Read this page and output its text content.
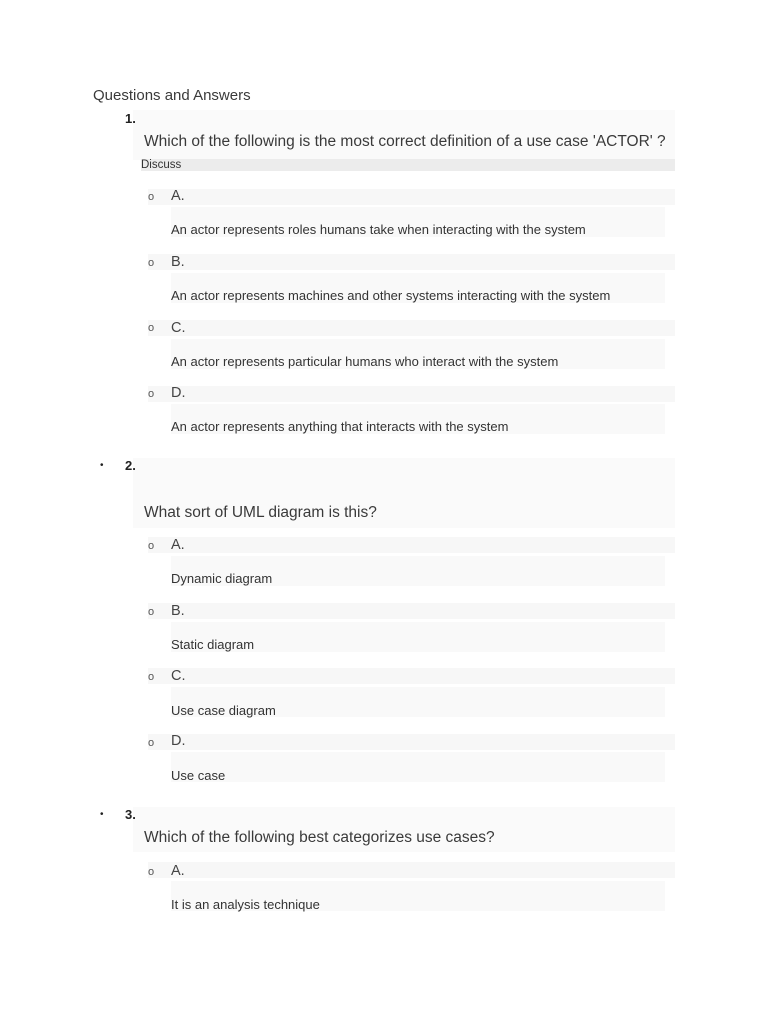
Questions and Answers
1.
Which of the following is the most correct definition of a use case 'ACTOR' ?
Discuss
o A.
An actor represents roles humans take when interacting with the system
o B.
An actor represents machines and other systems interacting with the system
o C.
An actor represents particular humans who interact with the system
o D.
An actor represents anything that interacts with the system
• 2.
What sort of UML diagram is this?
o A.
Dynamic diagram
o B.
Static diagram
o C.
Use case diagram
o D.
Use case
• 3.
Which of the following best categorizes use cases?
o A.
It is an analysis technique
